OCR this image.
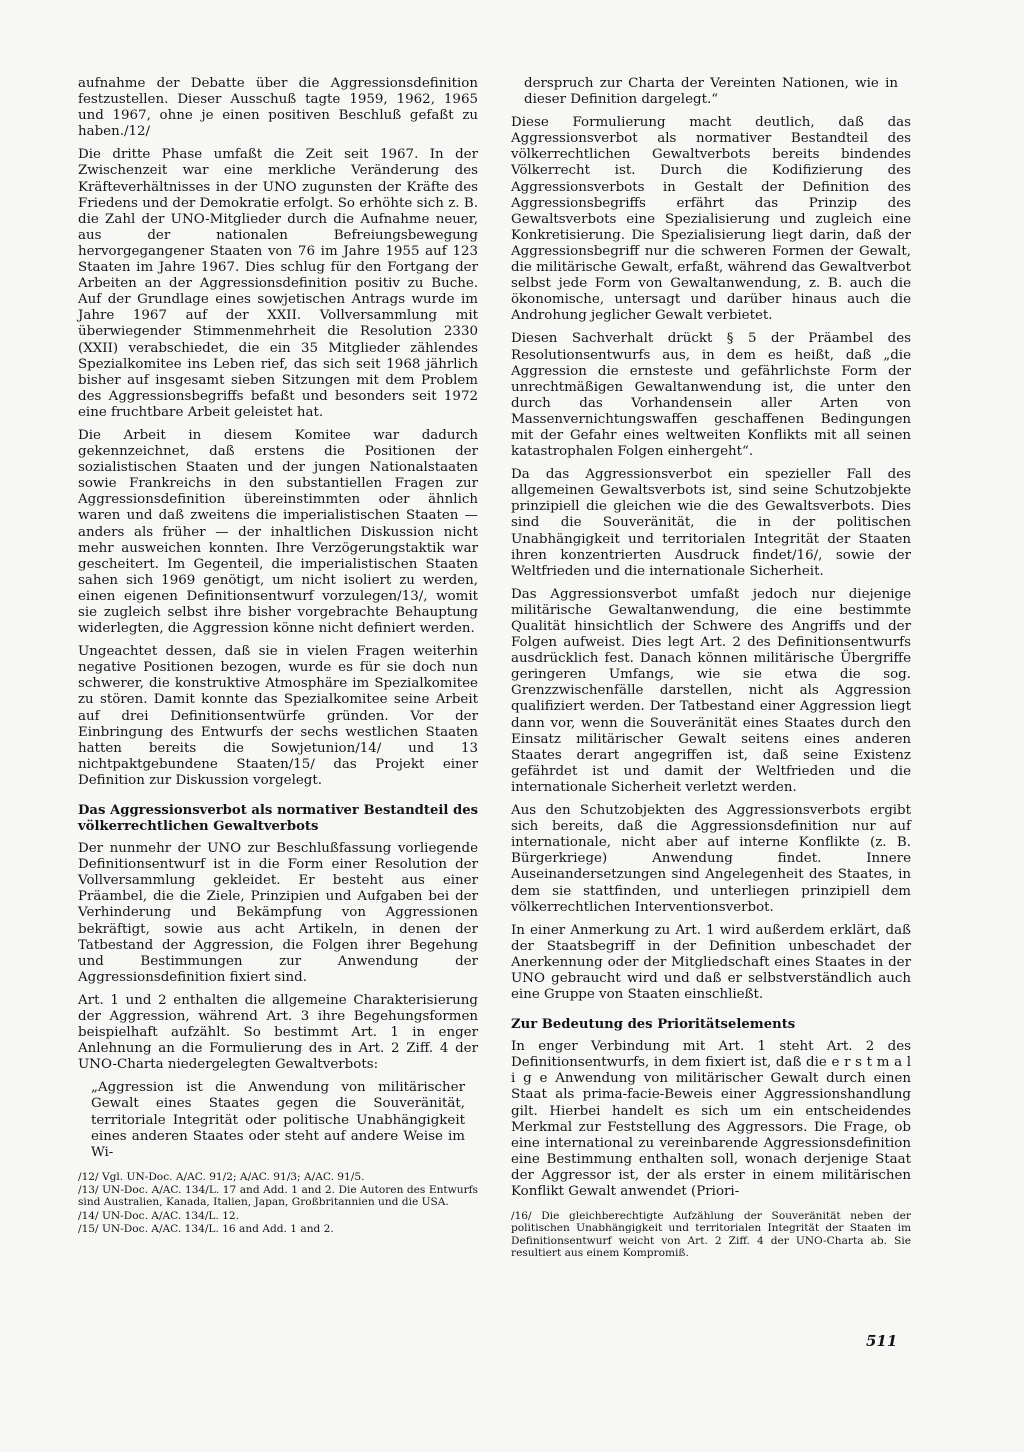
aufnahme der Debatte über die Aggressionsdefinition festzustellen. Dieser Ausschuß tagte 1959, 1962, 1965 und 1967, ohne je einen positiven Beschluß gefaßt zu haben./12/

Die dritte Phase umfaßt die Zeit seit 1967. In der Zwischenzeit war eine merkliche Veränderung des Kräfteverhältnisses in der UNO zugunsten der Kräfte des Friedens und der Demokratie erfolgt. So erhöhte sich z. B. die Zahl der UNO-Mitglieder durch die Aufnahme neuer, aus der nationalen Befreiungsbewegung hervorgegangener Staaten von 76 im Jahre 1955 auf 123 Staaten im Jahre 1967. Dies schlug für den Fortgang der Arbeiten an der Aggressionsdefinition positiv zu Buche. Auf der Grundlage eines sowjetischen Antrags wurde im Jahre 1967 auf der XXII. Vollversammlung mit überwiegender Stimmenmehrheit die Resolution 2330 (XXII) verabschiedet, die ein 35 Mitglieder zählendes Spezialkomitee ins Leben rief, das sich seit 1968 jährlich bisher auf insgesamt sieben Sitzungen mit dem Problem des Aggressionsbegriffs befaßt und besonders seit 1972 eine fruchtbare Arbeit geleistet hat.

Die Arbeit in diesem Komitee war dadurch gekennzeichnet, daß erstens die Positionen der sozialistischen Staaten und der jungen Nationalstaaten sowie Frankreichs in den substantiellen Fragen zur Aggressionsdefinition übereinstimmten oder ähnlich waren und daß zweitens die imperialistischen Staaten — anders als früher — der inhaltlichen Diskussion nicht mehr ausweichen konnten. Ihre Verzögerungstaktik war gescheitert. Im Gegenteil, die imperialistischen Staaten sahen sich 1969 genötigt, um nicht isoliert zu werden, einen eigenen Definitionsentwurf vorzulegen/13/, womit sie zugleich selbst ihre bisher vorgebrachte Behauptung widerlegten, die Aggression könne nicht definiert werden.

Ungeachtet dessen, daß sie in vielen Fragen weiterhin negative Positionen bezogen, wurde es für sie doch nun schwerer, die konstruktive Atmosphäre im Spezialkomitee zu stören. Damit konnte das Spezialkomitee seine Arbeit auf drei Definitionsentwürfe gründen. Vor der Einbringung des Entwurfs der sechs westlichen Staaten hatten bereits die Sowjetunion/14/ und 13 nichtpaktgebundene Staaten/15/ das Projekt einer Definition zur Diskussion vorgelegt.

Das Aggressionsverbot als normativer Bestandteil des völkerrechtlichen Gewaltverbots

Der nunmehr der UNO zur Beschlußfassung vorliegende Definitionsentwurf ist in die Form einer Resolution der Vollversammlung gekleidet. Er besteht aus einer Präambel, die die Ziele, Prinzipien und Aufgaben bei der Verhinderung und Bekämpfung von Aggressionen bekräftigt, sowie aus acht Artikeln, in denen der Tatbestand der Aggression, die Folgen ihrer Begehung und Bestimmungen zur Anwendung der Aggressionsdefinition fixiert sind.

Art. 1 und 2 enthalten die allgemeine Charakterisierung der Aggression, während Art. 3 ihre Begehungsformen beispielhaft aufzählt. So bestimmt Art. 1 in enger Anlehnung an die Formulierung des in Art. 2 Ziff. 4 der UNO-Charta niedergelegten Gewaltverbots:

„Aggression ist die Anwendung von militärischer Gewalt eines Staates gegen die Souveränität, territoriale Integrität oder politische Unabhängigkeit eines anderen Staates oder steht auf andere Weise im Wi-

/12/ Vgl. UN-Doc. A/AC. 91/2; A/AC. 91/3; A/AC. 91/5.

/13/ UN-Doc. A/AC. 134/L. 17 and Add. 1 and 2. Die Autoren des Entwurfs sind Australien, Kanada, Italien, Japan, Großbritannien und die USA.

/14/ UN-Doc. A/AC. 134/L. 12.

/15/ UN-Doc. A/AC. 134/L. 16 and Add. 1 and 2.

derspruch zur Charta der Vereinten Nationen, wie in dieser Definition dargelegt.“

Diese Formulierung macht deutlich, daß das Aggressionsverbot als normativer Bestandteil des völkerrechtlichen Gewaltverbots bereits bindendes Völkerrecht ist. Durch die Kodifizierung des Aggressionsverbots in Gestalt der Definition des Aggressionsbegriffs erfährt das Prinzip des Gewaltsverbots eine Spezialisierung und zugleich eine Konkretisierung. Die Spezialisierung liegt darin, daß der Aggressionsbegriff nur die schweren Formen der Gewalt, die militärische Gewalt, erfaßt, während das Gewaltverbot selbst jede Form von Gewaltanwendung, z. B. auch die ökonomische, untersagt und darüber hinaus auch die Androhung jeglicher Gewalt verbietet.

Diesen Sachverhalt drückt § 5 der Präambel des Resolutionsentwurfs aus, in dem es heißt, daß „die Aggression die ernsteste und gefährlichste Form der unrechtmäßigen Gewaltanwendung ist, die unter den durch das Vorhandensein aller Arten von Massenvernichtungswaffen geschaffenen Bedingungen mit der Gefahr eines weltweiten Konflikts mit all seinen katastrophalen Folgen einhergeht“.

Da das Aggressionsverbot ein spezieller Fall des allgemeinen Gewaltsverbots ist, sind seine Schutzobjekte prinzipiell die gleichen wie die des Gewaltsverbots. Dies sind die Souveränität, die in der politischen Unabhängigkeit und territorialen Integrität der Staaten ihren konzentrierten Ausdruck findet/16/, sowie der Weltfrieden und die internationale Sicherheit.

Das Aggressionsverbot umfaßt jedoch nur diejenige militärische Gewaltanwendung, die eine bestimmte Qualität hinsichtlich der Schwere des Angriffs und der Folgen aufweist. Dies legt Art. 2 des Definitionsentwurfs ausdrücklich fest. Danach können militärische Übergriffe geringeren Umfangs, wie sie etwa die sog. Grenzzwischenfälle darstellen, nicht als Aggression qualifiziert werden. Der Tatbestand einer Aggression liegt dann vor, wenn die Souveränität eines Staates durch den Einsatz militärischer Gewalt seitens eines anderen Staates derart angegriffen ist, daß seine Existenz gefährdet ist und damit der Weltfrieden und die internationale Sicherheit verletzt werden.

Aus den Schutzobjekten des Aggressionsverbots ergibt sich bereits, daß die Aggressionsdefinition nur auf internationale, nicht aber auf interne Konflikte (z. B. Bürgerkriege) Anwendung findet. Innere Auseinandersetzungen sind Angelegenheit des Staates, in dem sie stattfinden, und unterliegen prinzipiell dem völkerrechtlichen Interventionsverbot.

In einer Anmerkung zu Art. 1 wird außerdem erklärt, daß der Staatsbegriff in der Definition unbeschadet der Anerkennung oder der Mitgliedschaft eines Staates in der UNO gebraucht wird und daß er selbstverständlich auch eine Gruppe von Staaten einschließt.

Zur Bedeutung des Prioritätselements

In enger Verbindung mit Art. 1 steht Art. 2 des Definitionsentwurfs, in dem fixiert ist, daß die e r s t m a l i g e Anwendung von militärischer Gewalt durch einen Staat als prima-facie-Beweis einer Aggressionshandlung gilt. Hierbei handelt es sich um ein entscheidendes Merkmal zur Feststellung des Aggressors. Die Frage, ob eine international zu vereinbarende Aggressionsdefinition eine Bestimmung enthalten soll, wonach derjenige Staat der Aggressor ist, der als erster in einem militärischen Konflikt Gewalt anwendet (Priori-

/16/ Die gleichberechtigte Aufzählung der Souveränität neben der politischen Unabhängigkeit und territorialen Integrität der Staaten im Definitionsentwurf weicht von Art. 2 Ziff. 4 der UNO-Charta ab. Sie resultiert aus einem Kompromiß.

511
